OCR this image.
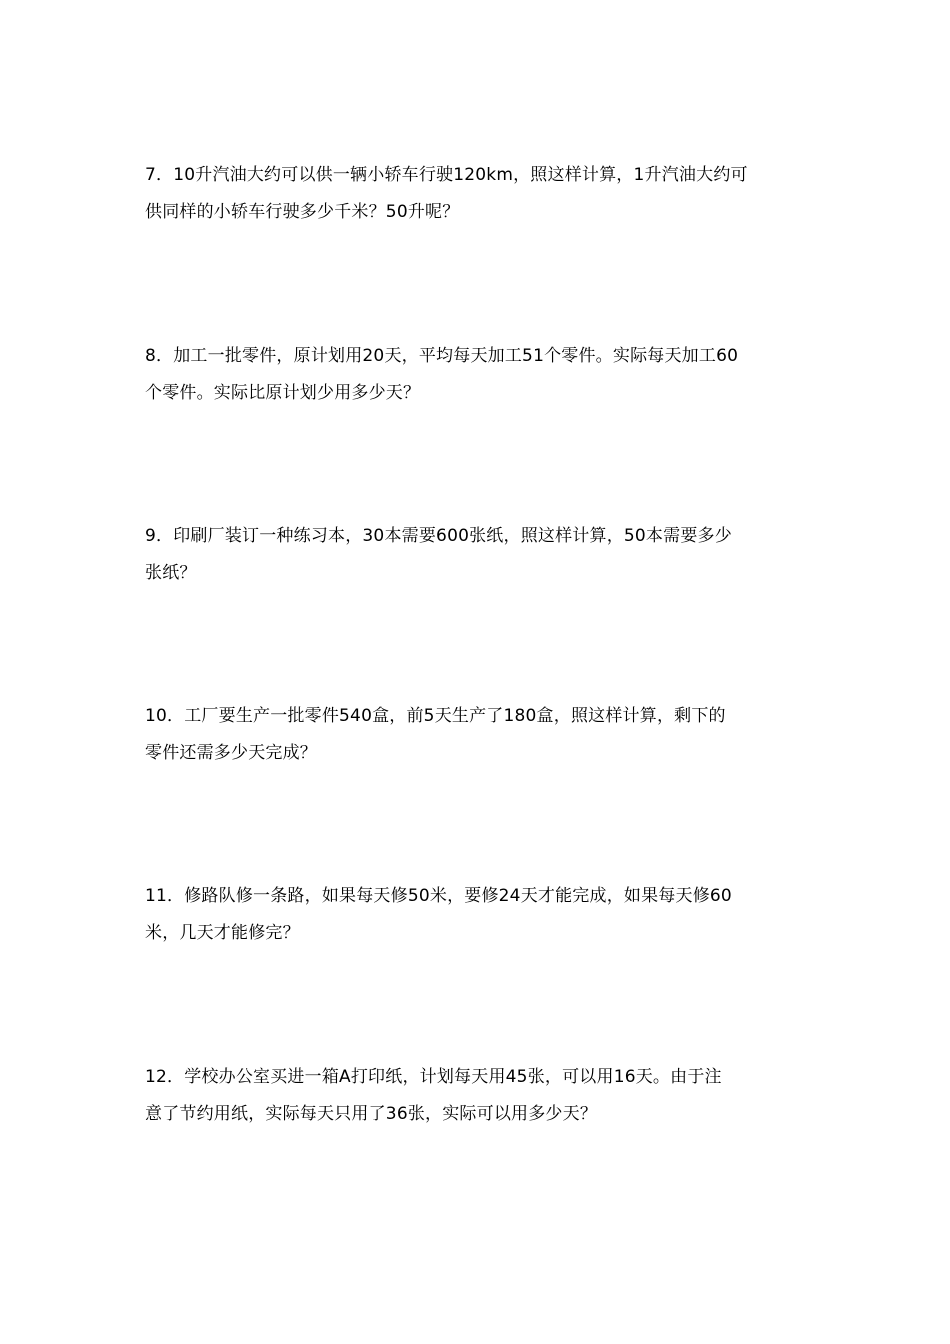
7．10升汽油大约可以供一辆小轿车行驶120km，照这样计算，1升汽油大约可
供同样的小轿车行驶多少千米？50升呢？
8．加工一批零件，原计划用20天，平均每天加工51个零件。实际每天加工60
个零件。实际比原计划少用多少天？
9．印刷厂装订一种练习本，30本需要600张纸，照这样计算，50本需要多少
张纸？
10．工厂要生产一批零件540盒，前5天生产了180盒，照这样计算，剩下的
零件还需多少天完成？
11．修路队修一条路，如果每天修50米，要修24天才能完成，如果每天修60
米，几天才能修完？
12．学校办公室买进一箱A打印纸，计划每天用45张，可以用16天。由于注
意了节约用纸，实际每天只用了36张，实际可以用多少天？
